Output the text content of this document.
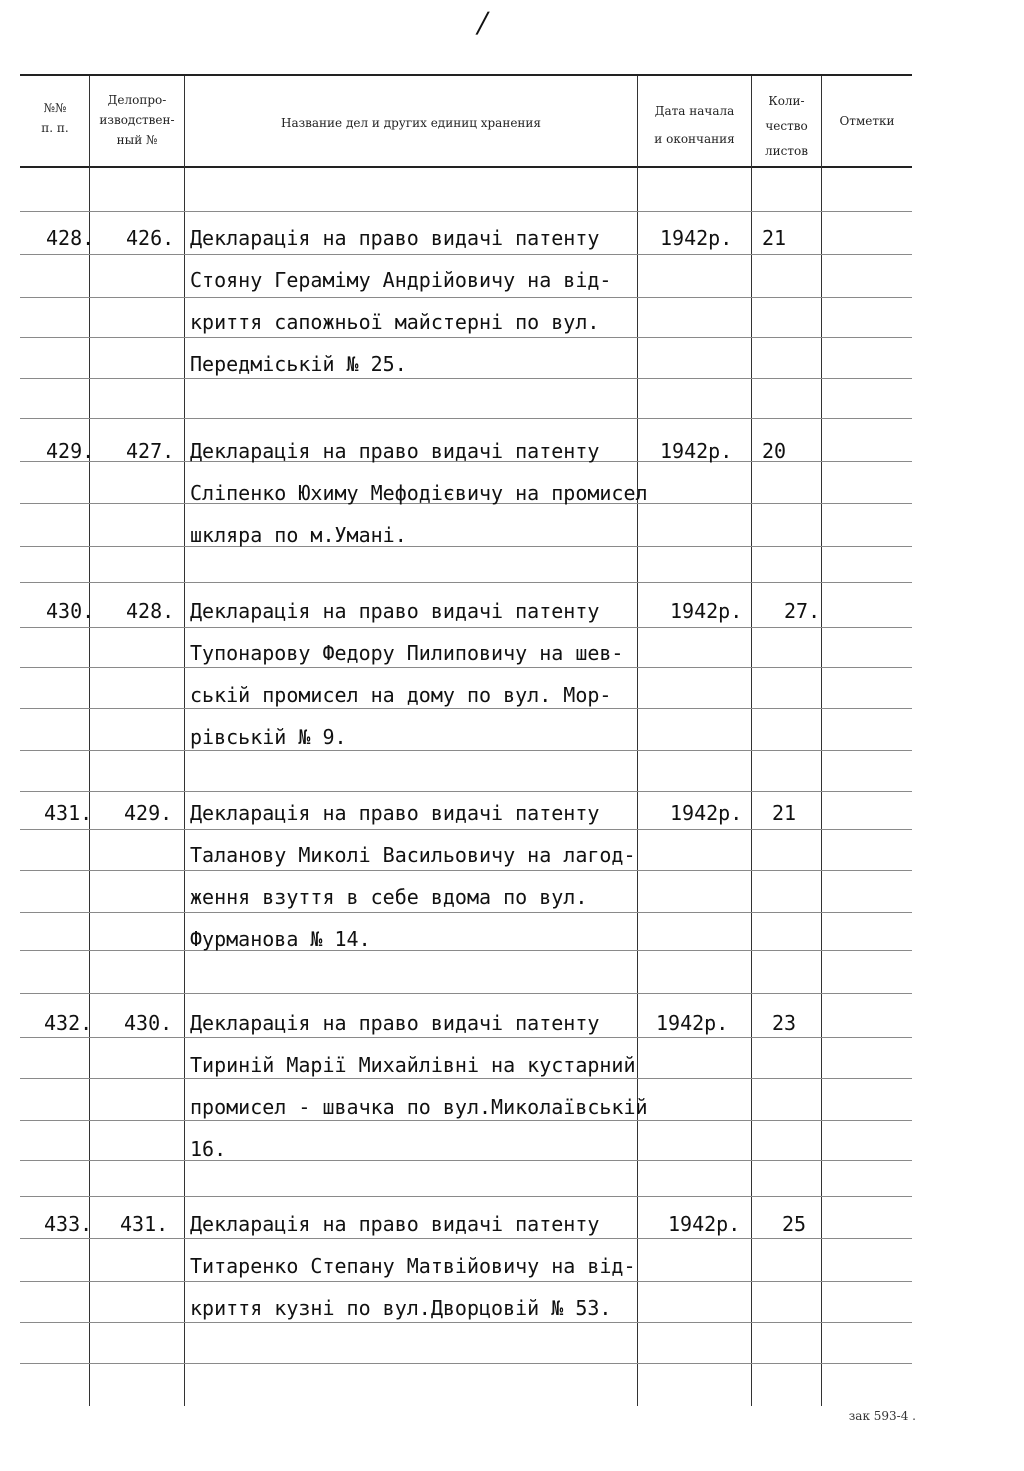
/
№№
п. п.
Делопро-
изводствен-
ный №
Название дел и других единиц хранения
Дата начала
и окончания
Коли-
чество
листов
Отметки
428. 426. Декларація на право видачі патенту
Стояну Гераміму Андрійовичу на від-
криття сапожньої майстерні по вул.
Передміській № 25.
1942р. 21
429. 427. Декларація на право видачі патенту
Сліпенко Юхиму Мефодієвичу на промисел
шкляра по м.Умані.
1942р. 20
430. 428. Декларація на право видачі патенту
Тупонарову Федору Пилиповичу на шев-
ській промисел на дому по вул. Мop-
рівській № 9.
1942р. 27.
431. 429. Декларація на право видачі патенту
Таланову Миколі Васильовичу на лагод-
ження взуття в себе вдома по вул.
Фурманова № 14.
1942р. 21
432. 430. Декларація на право видачі патенту
Тириній Марії Михайлівні на кустарний
промисел - швачка по вул.Миколаївській
16.
1942р. 23
433. 431. Декларація на право видачі патенту
Титаренко Степану Матвійовичу на від-
криття кузні по вул.Дворцовій № 53.
1942р. 25
зак 593-4 .
